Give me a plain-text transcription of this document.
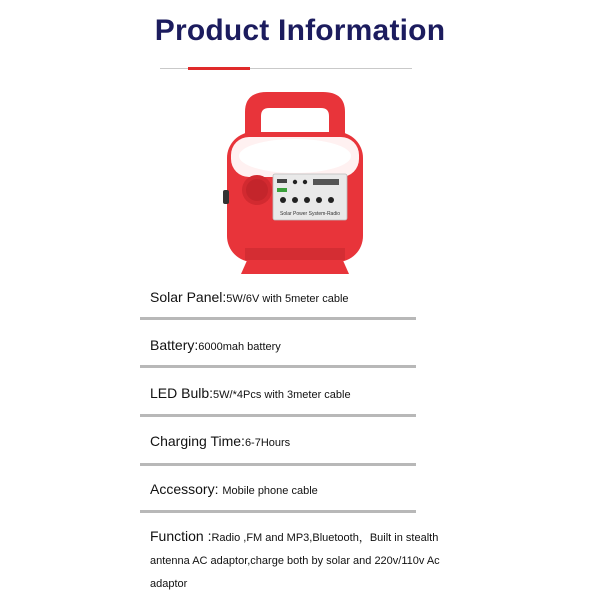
Product Information
Solar Power System-Radio
Solar Panel:5W/6V with 5meter cable
Battery:6000mah battery
LED Bulb:5W/*4Pcs with 3meter cable
Charging Time:6-7Hours
Accessory: Mobile phone cable
Function :Radio ,FM and MP3,Bluetooth，Built in stealth antenna AC adaptor,charge both by solar and 220v/110v Ac adaptor
